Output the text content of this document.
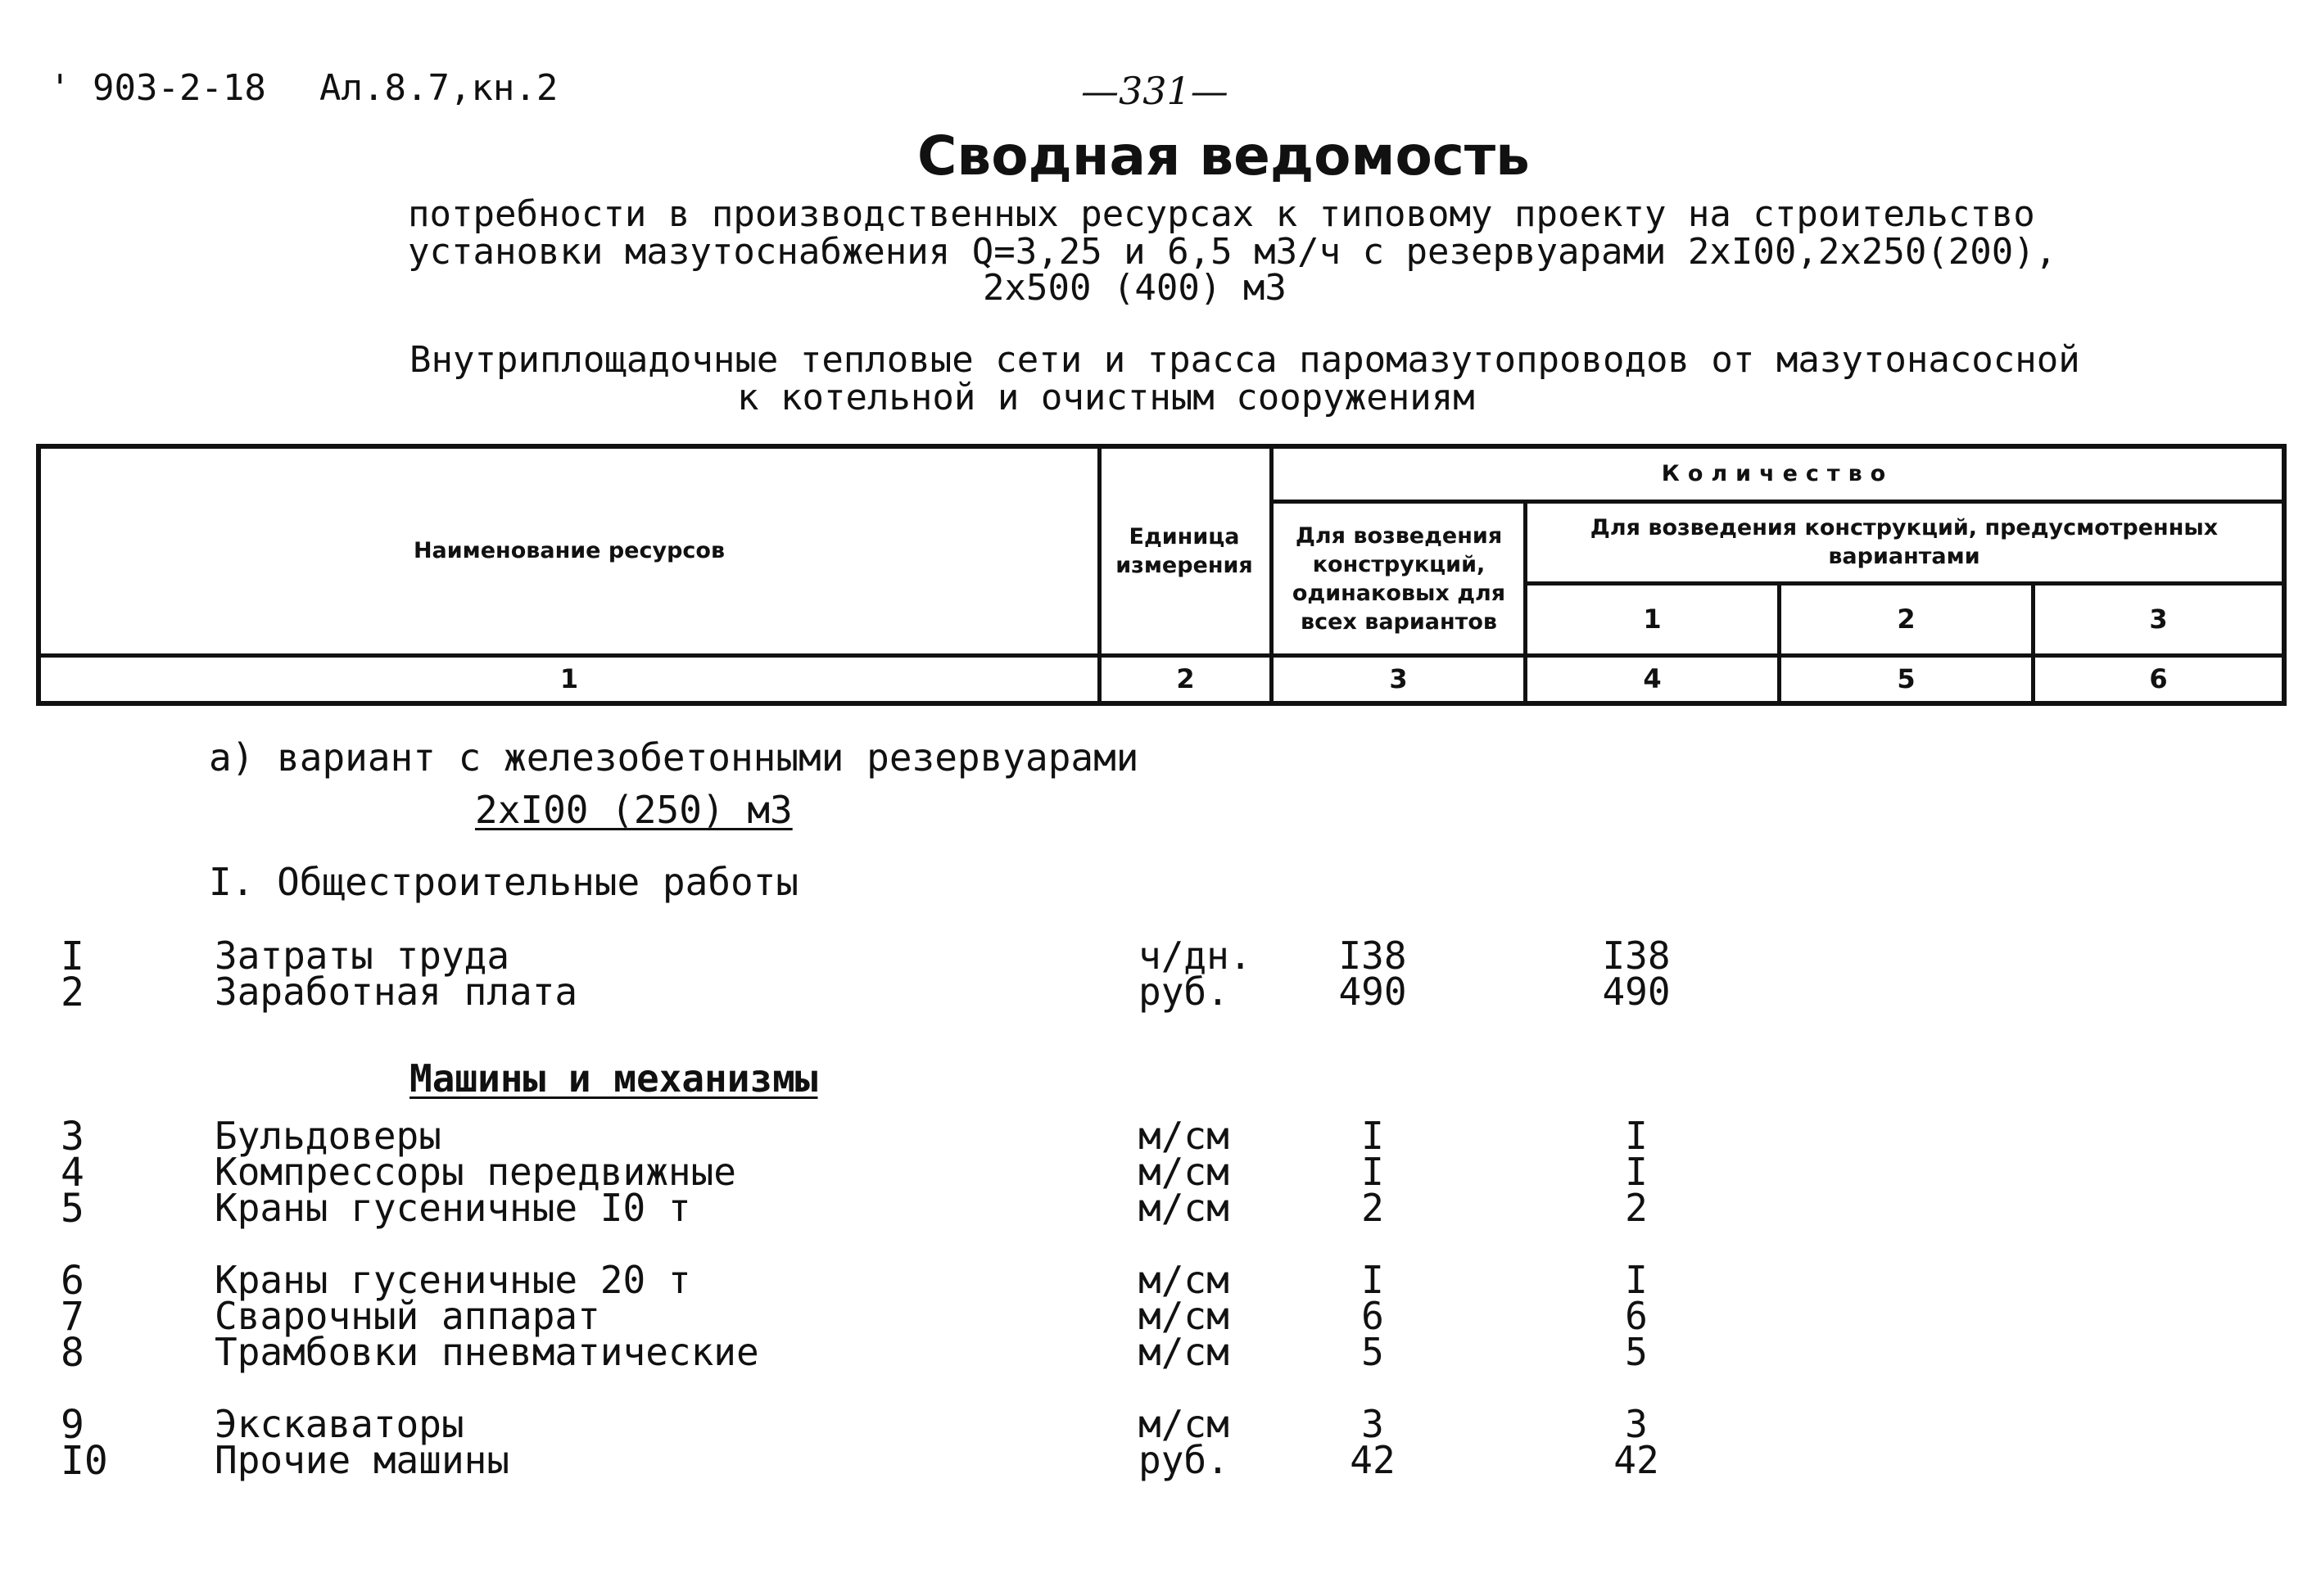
' 903-2-18 Ал.8.7,кн.2	—331—
Сводная ведомость
потребности в производственных ресурсах к типовому проекту на строительство
установки мазутоснабжения Q=3,25 и 6,5 м3/ч с резервуарами 2хI00,2х250(200),
2х500 (400) м3
Внутриплощадочные тепловые сети и трасса паромазутопроводов от мазутонасосной
к котельной и очистным сооружениям
Наименование ресурсов
Единица измерения
Количество
Для возведения конструкций, одинаковых для всех вариантов
Для возведения конструкций, предусмотренных вариантами
1	2	3
1	2	3	4	5	6
а) вариант с железобетонными резервуарами
2хI00 (250) м3
I. Общестроительные работы
Машины и механизмы
I	Затраты труда	ч/дн.	I38	I38
2	Заработная плата	руб.	490	490
3	Бульдоверы	м/см	I	I
4	Компрессоры передвижные	м/см	I	I
5	Краны гусеничные I0 т	м/см	2	2
6	Краны гусеничные 20 т	м/см	I	I
7	Сварочный аппарат	м/см	6	6
8	Трамбовки пневматические	м/см	5	5
9	Экскаваторы	м/см	3	3
I0	Прочие машины	руб.	42	42
